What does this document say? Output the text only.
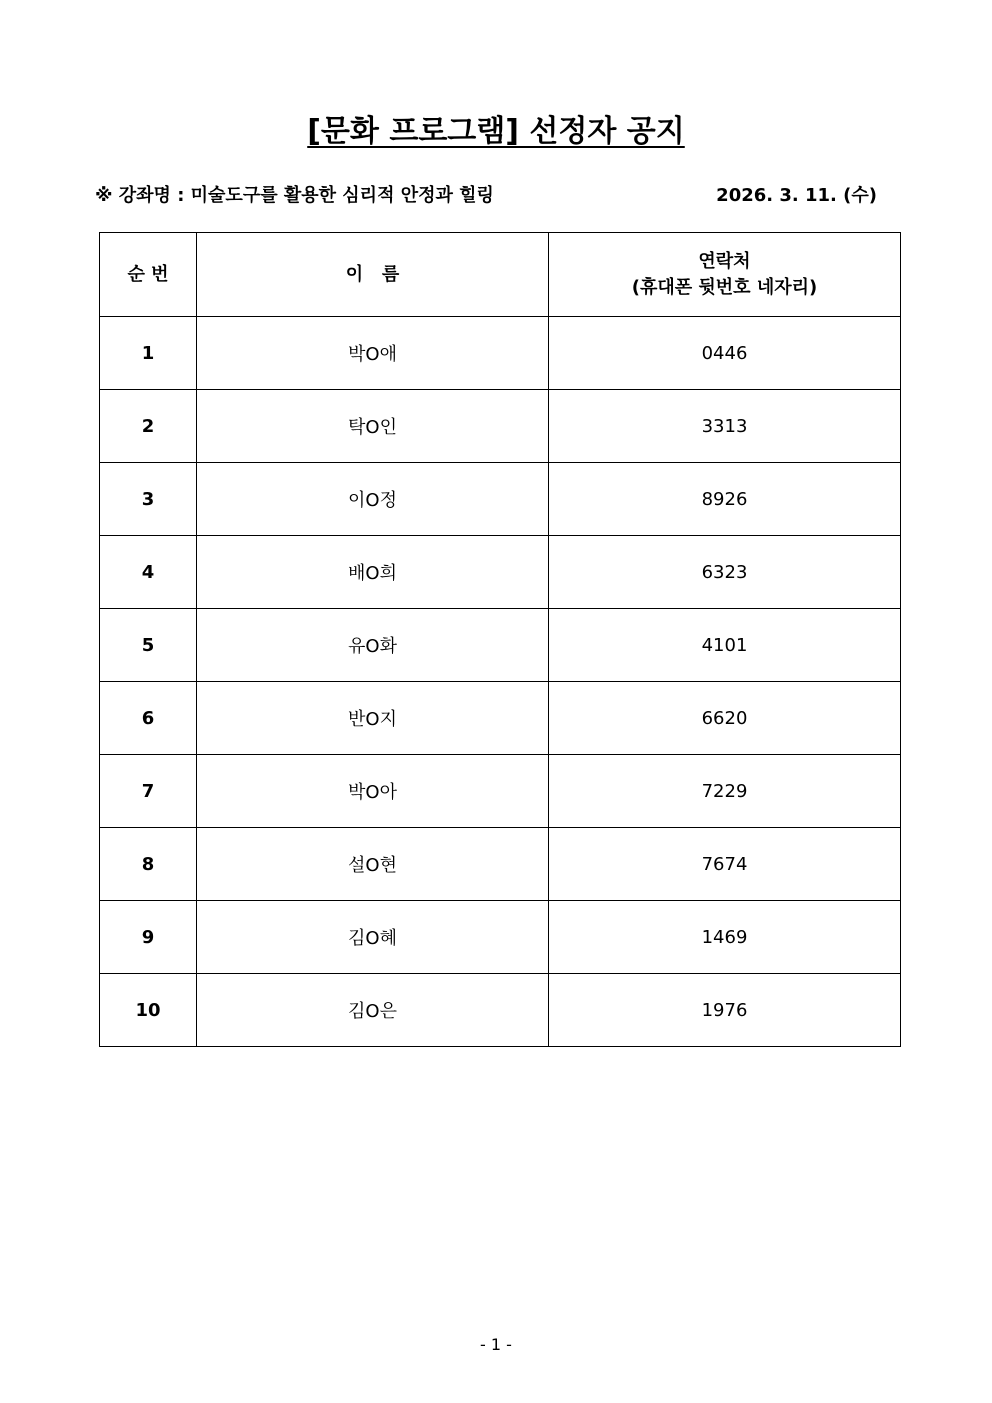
[문화 프로그램] 선정자 공지
※ 강좌명 : 미술도구를 활용한 심리적 안정과 힐링	2026. 3. 11. (수)
순 번	이   름	연락처
(휴대폰 뒷번호 네자리)

1	박O애	0446
2	탁O인	3313
3	이O정	8926
4	배O희	6323
5	유O화	4101
6	반O지	6620
7	박O아	7229
8	설O현	7674
9	김O혜	1469
10	김O은	1976
- 1 -
